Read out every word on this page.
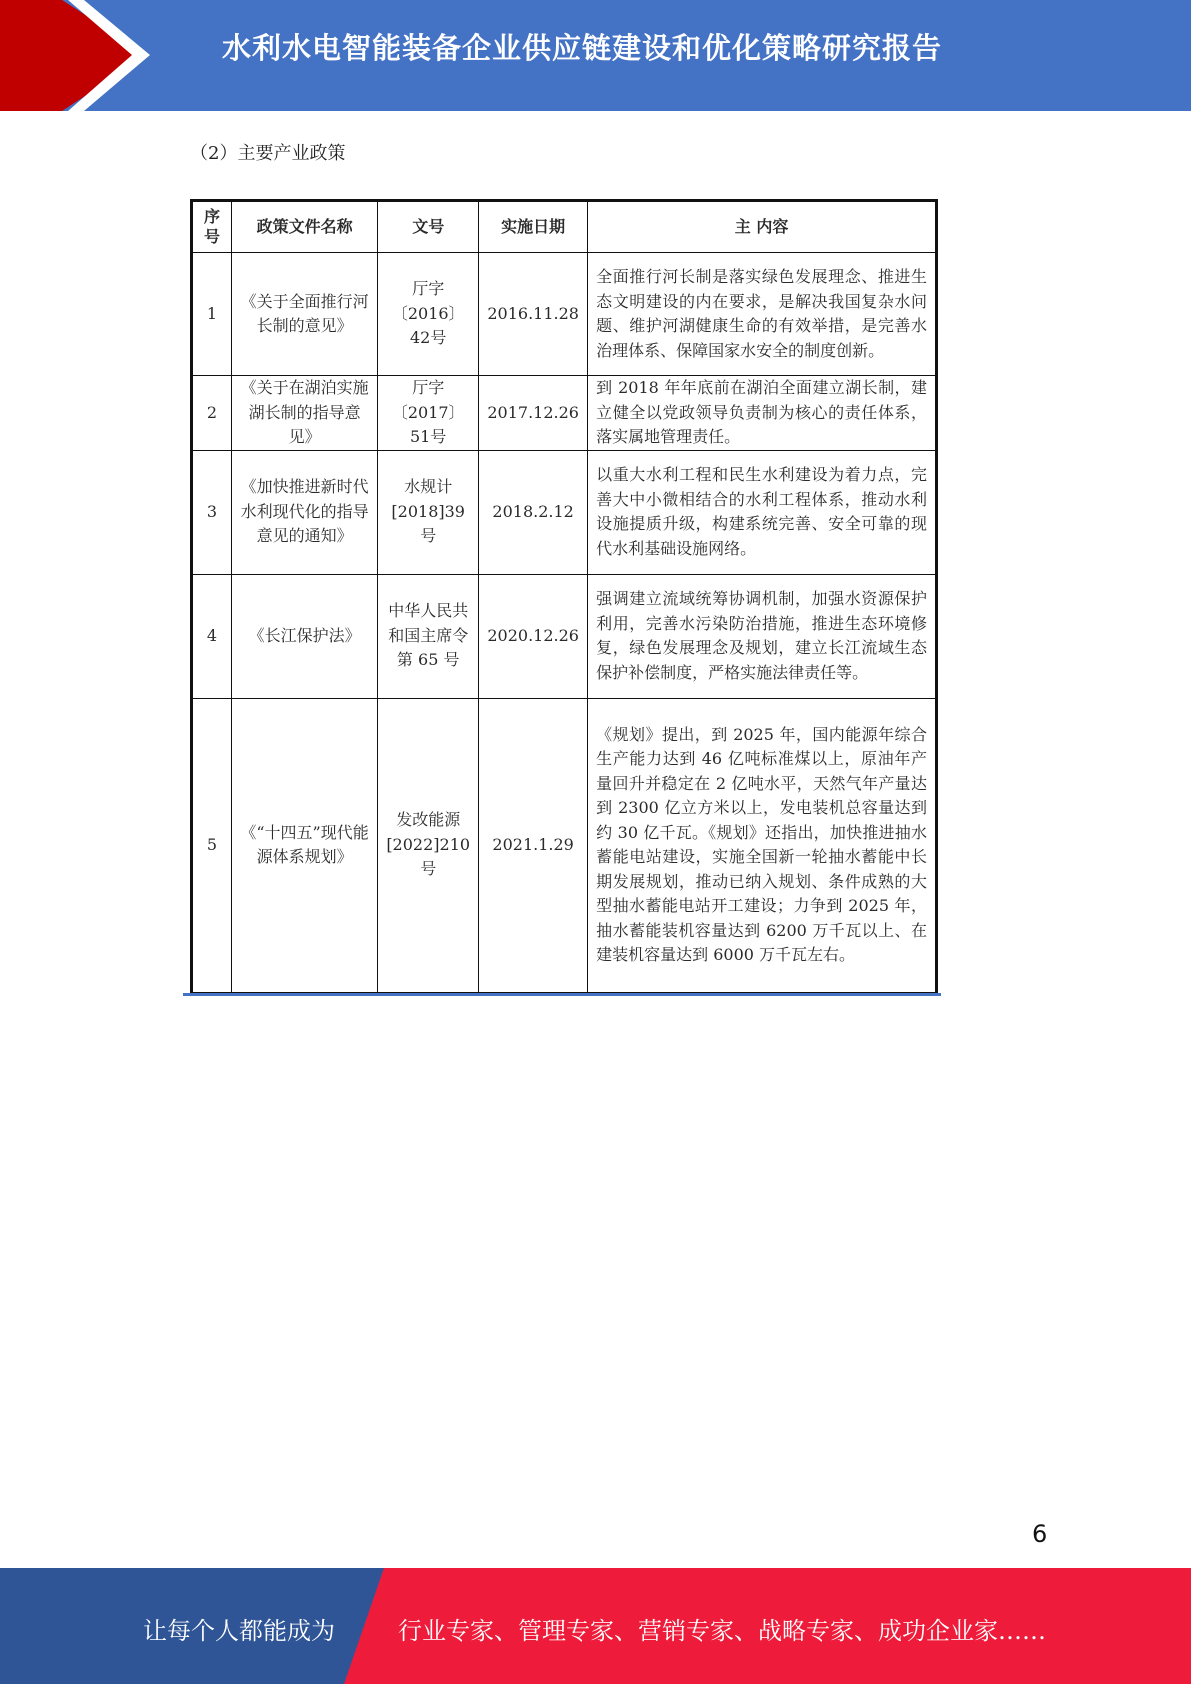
水利水电智能装备企业供应链建设和优化策略研究报告
（2）主要产业政策
序号	政策文件名称	文号	实施日期	主 内容
1	《关于全面推行河长制的意见》	厅字〔2016〕42号	2016.11.28	全面推行河长制是落实绿色发展理念、推进生态文明建设的内在要求，是解决我国复杂水问题、维护河湖健康生命的有效举措，是完善水治理体系、保障国家水安全的制度创新。
2	《关于在湖泊实施湖长制的指导意见》	厅字〔2017〕51号	2017.12.26	到 2018 年年底前在湖泊全面建立湖长制，建立健全以党政领导负责制为核心的责任体系，落实属地管理责任。
3	《加快推进新时代水利现代化的指导意见的通知》	水规计[2018]39号	2018.2.12	以重大水利工程和民生水利建设为着力点，完善大中小微相结合的水利工程体系，推动水利设施提质升级，构建系统完善、安全可靠的现代水利基础设施网络。
4	《长江保护法》	中华人民共和国主席令第 65 号	2020.12.26	强调建立流域统筹协调机制，加强水资源保护利用，完善水污染防治措施，推进生态环境修复，绿色发展理念及规划，建立长江流域生态保护补偿制度，严格实施法律责任等。
5	《“十四五”现代能源体系规划》	发改能源[2022]210号	2021.1.29	《规划》提出，到 2025 年，国内能源年综合生产能力达到 46 亿吨标准煤以上，原油年产量回升并稳定在 2 亿吨水平，天然气年产量达到 2300 亿立方米以上，发电装机总容量达到约 30 亿千瓦。《规划》还指出，加快推进抽水蓄能电站建设，实施全国新一轮抽水蓄能中长期发展规划，推动已纳入规划、条件成熟的大型抽水蓄能电站开工建设；力争到 2025 年，抽水蓄能装机容量达到 6200 万千瓦以上、在建装机容量达到 6000 万千瓦左右。
6
让每个人都能成为	行业专家、管理专家、营销专家、战略专家、成功企业家……
